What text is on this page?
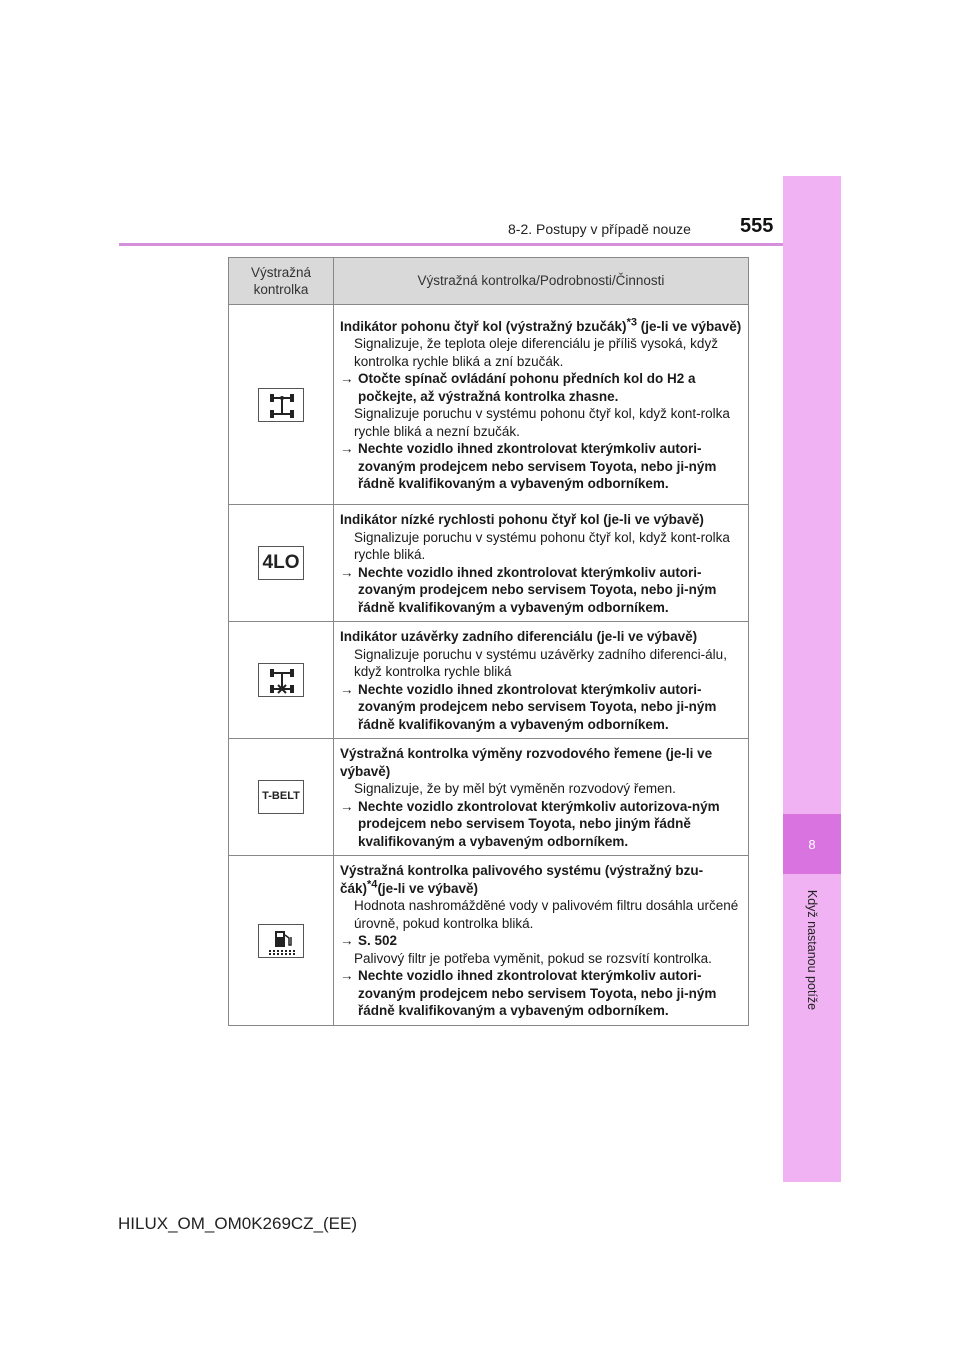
8
Když nastanou potíže
8-2. Postupy v případě nouze 555
Výstražná kontrolka	Výstražná kontrolka/Podrobnosti/Činnosti

Indikátor pohonu čtyř kol (výstražný bzučák)$^{*3}$ (je-li ve výbavě)
Signalizuje, že teplota oleje diferenciálu je příliš vysoká, když kontrolka rychle bliká a zní bzučák.
→ Otočte spínač ovládání pohonu předních kol do H2 a počkejte, až výstražná kontrolka zhasne.
Signalizuje poruchu v systému pohonu čtyř kol, když kont-rolka rychle bliká a nezní bzučák.
→ Nechte vozidlo ihned zkontrolovat kterýmkoliv autori-zovaným prodejcem nebo servisem Toyota, nebo ji-ným řádně kvalifikovaným a vybaveným odborníkem.

4LO	Indikátor nízké rychlosti pohonu čtyř kol (je-li ve výbavě)
Signalizuje poruchu v systému pohonu čtyř kol, když kont-rolka rychle bliká.
→ Nechte vozidlo ihned zkontrolovat kterýmkoliv autori-zovaným prodejcem nebo servisem Toyota, nebo ji-ným řádně kvalifikovaným a vybaveným odborníkem.

Indikátor uzávěrky zadního diferenciálu (je-li ve výbavě)
Signalizuje poruchu v systému uzávěrky zadního diferenci-álu, když kontrolka rychle bliká
→ Nechte vozidlo ihned zkontrolovat kterýmkoliv autori-zovaným prodejcem nebo servisem Toyota, nebo ji-ným řádně kvalifikovaným a vybaveným odborníkem.

T-BELT	Výstražná kontrolka výměny rozvodového řemene (je-li ve výbavě)
Signalizuje, že by měl být vyměněn rozvodový řemen.
→ Nechte vozidlo zkontrolovat kterýmkoliv autorizova-ným prodejcem nebo servisem Toyota, nebo jiným řádně kvalifikovaným a vybaveným odborníkem.

Výstražná kontrolka palivového systému (výstražný bzu-čák)$^{*4}$(je-li ve výbavě)
Hodnota nashromážděné vody v palivovém filtru dosáhla určené úrovně, pokud kontrolka bliká.
→ S. 502
Palivový filtr je potřeba vyměnit, pokud se rozsvítí kontrolka.
→ Nechte vozidlo ihned zkontrolovat kterýmkoliv autori-zovaným prodejcem nebo servisem Toyota, nebo ji-ným řádně kvalifikovaným a vybaveným odborníkem.
HILUX_OM_OM0K269CZ_(EE)
